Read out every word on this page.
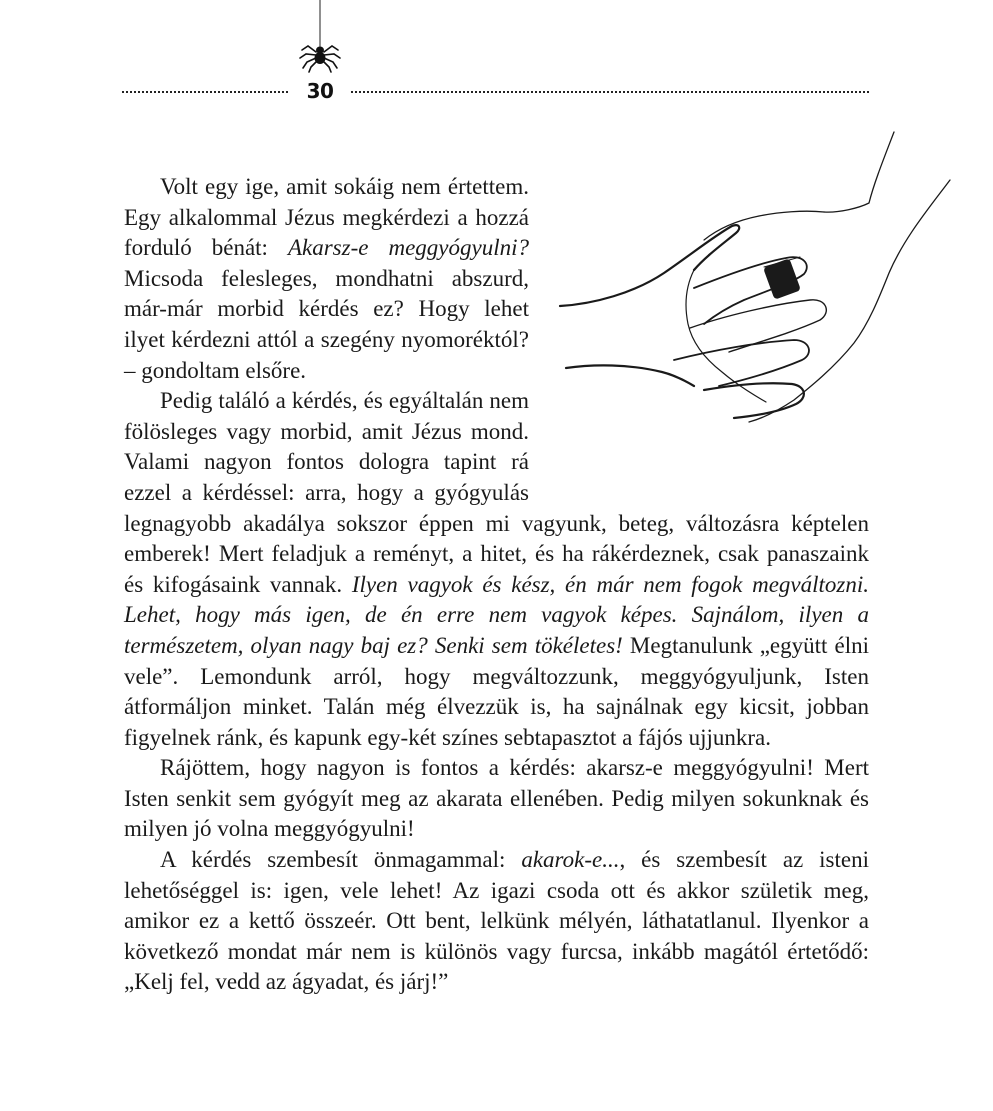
30

Volt egy ige, amit sokáig nem értettem. Egy alkalommal Jézus megkérdezi a hozzá forduló bénát: Akarsz-e meggyógyulni? Micsoda felesleges, mondhatni abszurd, már-már morbid kérdés ez? Hogy lehet ilyet kérdezni attól a szegény nyomoréktól? – gondoltam elsőre.

Pedig találó a kérdés, és egyáltalán nem fölösleges vagy morbid, amit Jézus mond. Valami nagyon fontos dologra tapint rá ezzel a kérdéssel: arra, hogy a gyógyulás legnagyobb akadálya sokszor éppen mi vagyunk, beteg, változásra képtelen emberek! Mert feladjuk a reményt, a hitet, és ha rákérdeznek, csak panaszaink és kifogásaink vannak. Ilyen vagyok és kész, én már nem fogok megváltozni. Lehet, hogy más igen, de én erre nem vagyok képes. Sajnálom, ilyen a természetem, olyan nagy baj ez? Senki sem tökéletes! Megtanulunk „együtt élni vele”. Lemondunk arról, hogy megváltozzunk, meggyógyuljunk, Isten átformáljon minket. Talán még élvezzük is, ha sajnálnak egy kicsit, jobban figyelnek ránk, és kapunk egy-két színes sebtapasztot a fájós ujjunkra.

Rájöttem, hogy nagyon is fontos a kérdés: akarsz-e meggyógyulni! Mert Isten senkit sem gyógyít meg az akarata ellenében. Pedig milyen sokunknak és milyen jó volna meggyógyulni!

A kérdés szembesít önmagammal: akarok-e..., és szembesít az isteni lehetőséggel is: igen, vele lehet! Az igazi csoda ott és akkor születik meg, amikor ez a kettő összeér. Ott bent, lelkünk mélyén, láthatatlanul. Ilyenkor a következő mondat már nem is különös vagy furcsa, inkább magától értetődő: „Kelj fel, vedd az ágyadat, és járj!”
